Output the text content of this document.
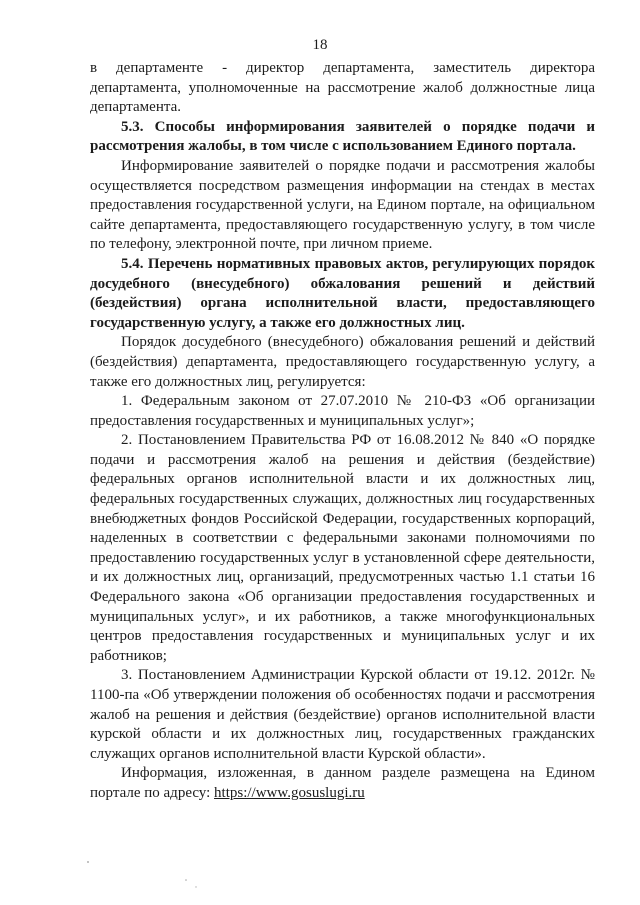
18

в департаменте - директор департамента, заместитель директора департамента, уполномоченные на рассмотрение жалоб должностные лица департамента.

5.3. Способы информирования заявителей о порядке подачи и рассмотрения жалобы, в том числе с использованием Единого портала.

Информирование заявителей о порядке подачи и рассмотрения жалобы осуществляется посредством размещения информации на стендах в местах предоставления государственной услуги, на Едином портале, на официальном сайте департамента, предоставляющего государственную услугу, в том числе по телефону, электронной почте, при личном приеме.

5.4. Перечень нормативных правовых актов, регулирующих порядок досудебного (внесудебного) обжалования решений и действий (бездействия) органа исполнительной власти, предоставляющего государственную услугу, а также его должностных лиц.

Порядок досудебного (внесудебного) обжалования решений и действий (бездействия) департамента, предоставляющего государственную услугу, а также его должностных лиц, регулируется:

1. Федеральным законом от 27.07.2010 № 210-ФЗ «Об организации предоставления государственных и муниципальных услуг»;

2. Постановлением Правительства РФ от 16.08.2012 № 840 «О порядке подачи и рассмотрения жалоб на решения и действия (бездействие) федеральных органов исполнительной власти и их должностных лиц, федеральных государственных служащих, должностных лиц государственных внебюджетных фондов Российской Федерации, государственных корпораций, наделенных в соответствии с федеральными законами полномочиями по предоставлению государственных услуг в установленной сфере деятельности, и их должностных лиц, организаций, предусмотренных частью 1.1 статьи 16 Федерального закона «Об организации предоставления государственных и муниципальных услуг», и их работников, а также многофункциональных центров предоставления государственных и муниципальных услуг и их работников;

3. Постановлением Администрации Курской области от 19.12. 2012г. № 1100-па «Об утверждении положения об особенностях подачи и рассмотрения жалоб на решения и действия (бездействие) органов исполнительной власти курской области и их должностных лиц, государственных гражданских служащих органов исполнительной власти Курской области».

Информация, изложенная, в данном разделе размещена на Едином портале по адресу: https://www.gosuslugi.ru
